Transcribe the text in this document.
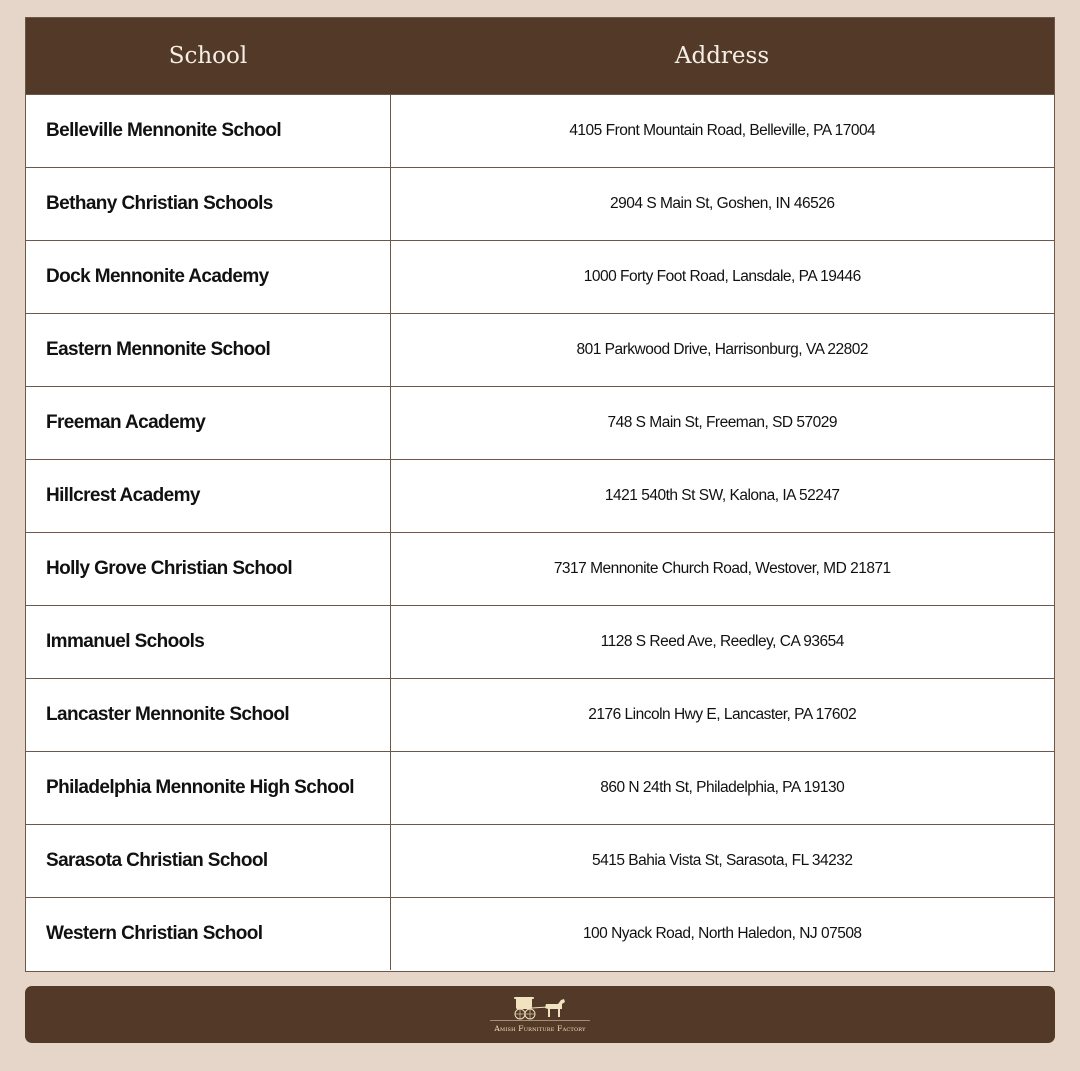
School	Address
Belleville Mennonite School	4105 Front Mountain Road, Belleville, PA 17004
Bethany Christian Schools	2904 S Main St, Goshen, IN 46526
Dock Mennonite Academy	1000 Forty Foot Road, Lansdale, PA 19446
Eastern Mennonite School	801 Parkwood Drive, Harrisonburg, VA 22802
Freeman Academy	748 S Main St, Freeman, SD 57029
Hillcrest Academy	1421 540th St SW, Kalona, IA 52247
Holly Grove Christian School	7317 Mennonite Church Road, Westover, MD 21871
Immanuel Schools	1128 S Reed Ave, Reedley, CA 93654
Lancaster Mennonite School	2176 Lincoln Hwy E, Lancaster, PA 17602
Philadelphia Mennonite High School	860 N 24th St, Philadelphia, PA 19130
Sarasota Christian School	5415 Bahia Vista St, Sarasota, FL 34232
Western Christian School	100 Nyack Road, North Haledon, NJ 07508
Amish Furniture Factory
